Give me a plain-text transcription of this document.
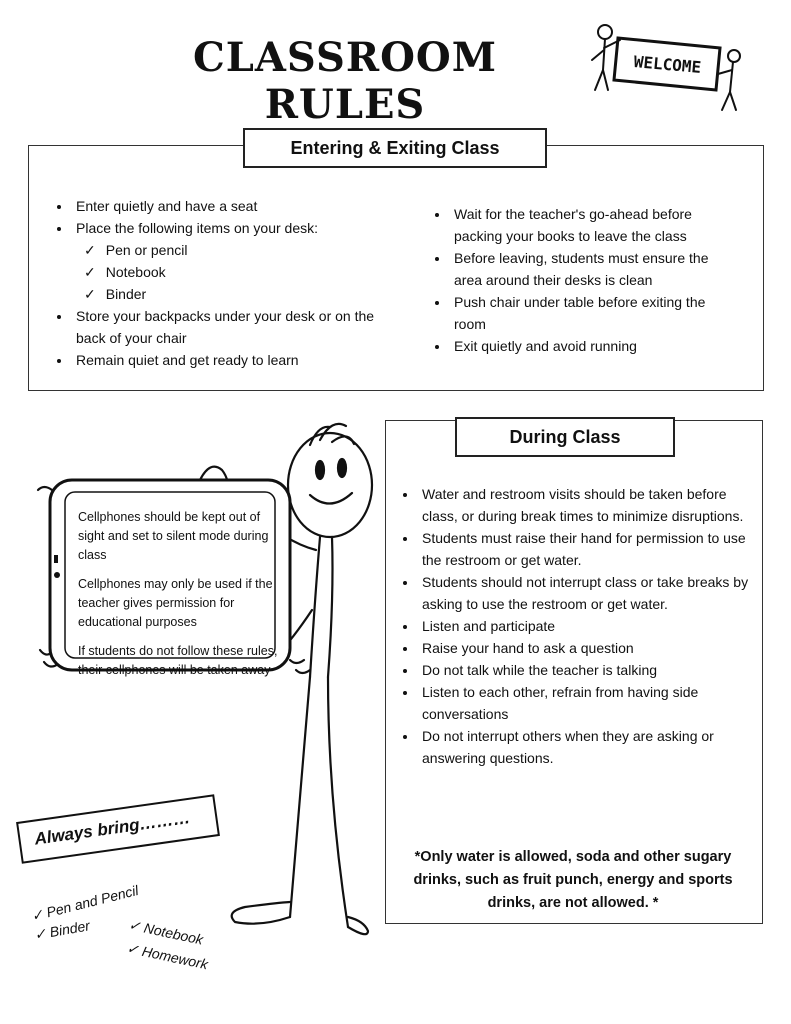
CLASSROOM RULES
WELCOME
Entering & Exiting Class
• Enter quietly and have a seat
• Place the following items on your desk:
✓ Pen or pencil
✓ Notebook
✓ Binder
• Store your backpacks under your desk or on the back of your chair
• Remain quiet and get ready to learn
• Wait for the teacher's go-ahead before packing your books to leave the class
• Before leaving, students must ensure the area around their desks is clean
• Push chair under table before exiting the room
• Exit quietly and avoid running

Cellphones should be kept out of sight and set to silent mode during class

Cellphones may only be used if the teacher gives permission for educational purposes

If students do not follow these rules, their cellphones will be taken away

During Class
• Water and restroom visits should be taken before class, or during break times to minimize disruptions.
• Students must raise their hand for permission to use the restroom or get water.
• Students should not interrupt class or take breaks by asking to use the restroom or get water.
• Listen and participate
• Raise your hand to ask a question
• Do not talk while the teacher is talking
• Listen to each other, refrain from having side conversations
• Do not interrupt others when they are asking or answering questions.
*Only water is allowed, soda and other sugary drinks, such as fruit punch, energy and sports drinks, are not allowed. *
Always bring………
✓ Pen and Pencil
✓ Binder	✓ Notebook
✓ Homework
